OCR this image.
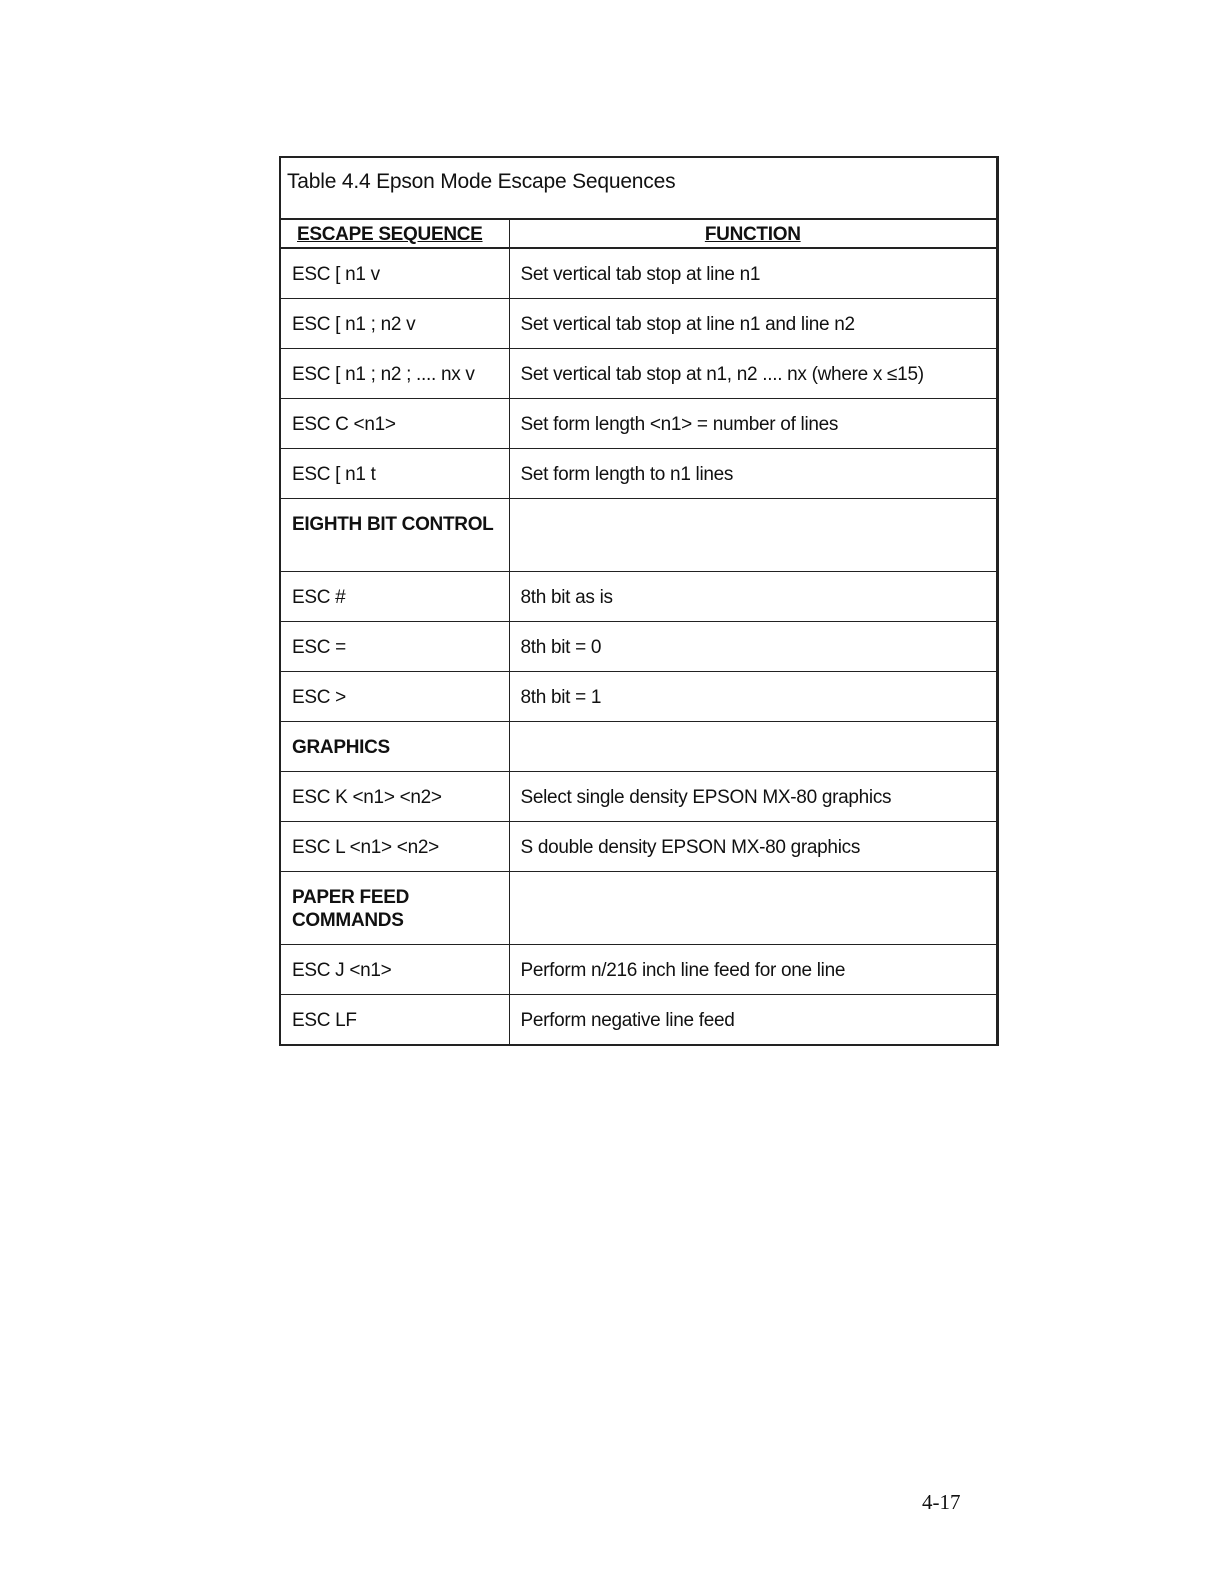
Table 4.4 Epson Mode Escape Sequences
ESCAPE SEQUENCE	FUNCTION
ESC [ n1 v	Set vertical tab stop at line n1
ESC [ n1 ; n2 v	Set vertical tab stop at line n1 and line n2
ESC [ n1 ; n2 ; .... nx v	Set vertical tab stop at n1, n2 .... nx (where x ≤15)
ESC C <n1>	Set form length <n1> = number of lines
ESC [ n1 t	Set form length to n1 lines
EIGHTH BIT CONTROL	
ESC #	8th bit as is
ESC =	8th bit = 0
ESC >	8th bit = 1
GRAPHICS	
ESC K <n1> <n2>	Select single density EPSON MX-80 graphics
ESC L <n1> <n2>	S double density EPSON MX-80 graphics
PAPER FEED COMMANDS	
ESC J <n1>	Perform n/216 inch line feed for one line
ESC LF	Perform negative line feed
4-17
